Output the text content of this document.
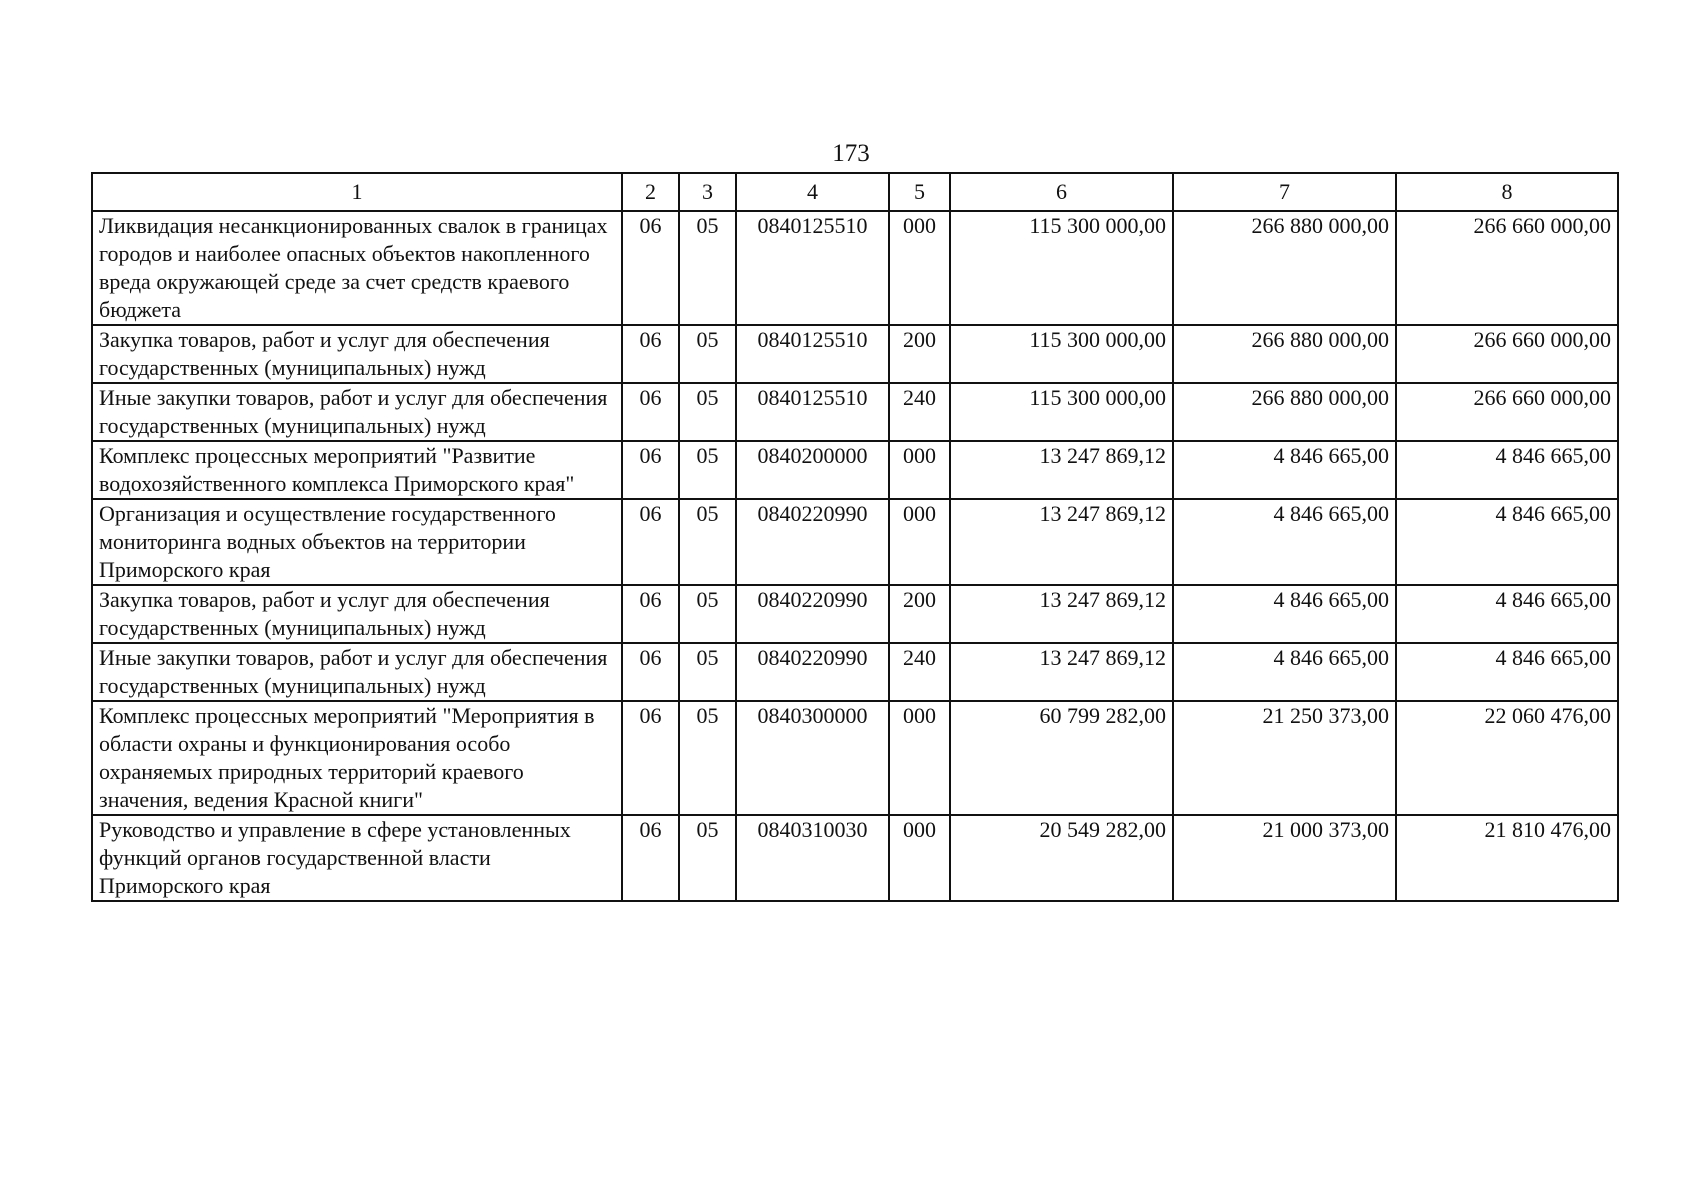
173
1	2	3	4	5	6	7	8
Ликвидация несанкционированных свалок в границах городов и наиболее опасных объектов накопленного вреда окружающей среде за счет средств краевого бюджета	06	05	0840125510	000	115 300 000,00	266 880 000,00	266 660 000,00
Закупка товаров, работ и услуг для обеспечения государственных (муниципальных) нужд	06	05	0840125510	200	115 300 000,00	266 880 000,00	266 660 000,00
Иные закупки товаров, работ и услуг для обеспечения государственных (муниципальных) нужд	06	05	0840125510	240	115 300 000,00	266 880 000,00	266 660 000,00
Комплекс процессных мероприятий "Развитие водохозяйственного комплекса Приморского края"	06	05	0840200000	000	13 247 869,12	4 846 665,00	4 846 665,00
Организация и осуществление государственного мониторинга водных объектов на территории Приморского края	06	05	0840220990	000	13 247 869,12	4 846 665,00	4 846 665,00
Закупка товаров, работ и услуг для обеспечения государственных (муниципальных) нужд	06	05	0840220990	200	13 247 869,12	4 846 665,00	4 846 665,00
Иные закупки товаров, работ и услуг для обеспечения государственных (муниципальных) нужд	06	05	0840220990	240	13 247 869,12	4 846 665,00	4 846 665,00
Комплекс процессных мероприятий "Мероприятия в области охраны и функционирования особо охраняемых природных территорий краевого значения, ведения Красной книги"	06	05	0840300000	000	60 799 282,00	21 250 373,00	22 060 476,00
Руководство и управление в сфере установленных функций органов государственной власти Приморского края	06	05	0840310030	000	20 549 282,00	21 000 373,00	21 810 476,00
